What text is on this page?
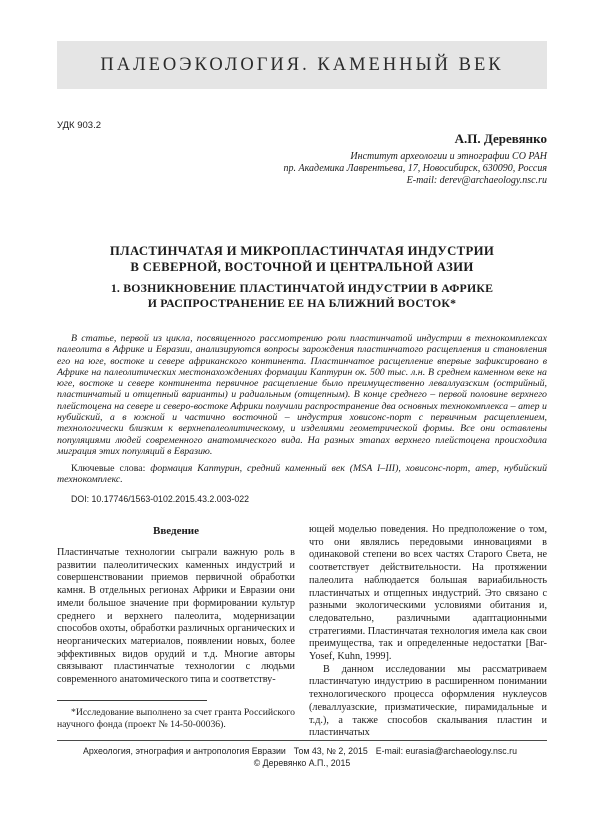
ПАЛЕОЭКОЛОГИЯ. КАМЕННЫЙ ВЕК
УДК 903.2
А.П. Деревянко
Институт археологии и этнографии СО РАН
пр. Академика Лаврентьева, 17, Новосибирск, 630090, Россия
E-mail: derev@archaeology.nsc.ru
ПЛАСТИНЧАТАЯ И МИКРОПЛАСТИНЧАТАЯ ИНДУСТРИИ
В СЕВЕРНОЙ, ВОСТОЧНОЙ И ЦЕНТРАЛЬНОЙ АЗИИ
1. ВОЗНИКНОВЕНИЕ ПЛАСТИНЧАТОЙ ИНДУСТРИИ В АФРИКЕ
И РАСПРОСТРАНЕНИЕ ЕЕ НА БЛИЖНИЙ ВОСТОК*
В статье, первой из цикла, посвященного рассмотрению роли пластинчатой индустрии в технокомплексах палеолита в Африке и Евразии, анализируются вопросы зарождения пластинчатого расщепления и становления его на юге, востоке и севере африканского континента. Пластинчатое расщепление впервые зафиксировано в Африке на палеолитических местонахождениях формации Каптурин ок. 500 тыс. л.н. В среднем каменном веке на юге, востоке и севере континента первичное расщепление было преимущественно леваллуазским (острийный, пластинчатый и отщепный варианты) и радиальным (отщепным). В конце среднего – первой половине верхнего плейстоцена на севере и северо-востоке Африки получили распространение два основных технокомплекса – атер и нубийский, а в южной и частично восточной – индустрия ховисонс-порт с первичным расщеплением, технологически близким к верхнепалеолитическому, и изделиями геометрической формы. Все они оставлены популяциями людей современного анатомического вида. На разных этапах верхнего плейстоцена происходила миграция этих популяций в Евразию.
Ключевые слова: формация Каптурин, средний каменный век (MSA I–III), ховисонс-порт, атер, нубийский технокомплекс.
DOI: 10.17746/1563-0102.2015.43.2.003-022
Введение

Пластинчатые технологии сыграли важную роль в развитии палеолитических каменных индустрий и совершенствовании приемов первичной обработки камня. В отдельных регионах Африки и Евразии они имели большое значение при формировании культур среднего и верхнего палеолита, модернизации способов охоты, обработки различных органических и неорганических материалов, появлении новых, более эффективных видов орудий и т.д. Многие авторы связывают пластинчатые технологии с людьми современного анатомического типа и соответству-

*Исследование выполнено за счет гранта Российского научного фонда (проект № 14-50-00036).

ющей моделью поведения. Но предположение о том, что они являлись передовыми инновациями в одинаковой степени во всех частях Старого Света, не соответствует действительности. На протяжении палеолита наблюдается большая вариабильность пластинчатых и отщепных индустрий. Это связано с разными экологическими условиями обитания и, следовательно, различными адаптационными стратегиями. Пластинчатая технология имела как свои преимущества, так и определенные недостатки [Bar-Yosef, Kuhn, 1999].

В данном исследовании мы рассматриваем пластинчатую индустрию в расширенном понимании технологического процесса оформления нуклеусов (леваллуазские, призматические, пирамидальные и т.д.), а также способов скалывания пластин и пластинчатых

Археология, этнография и антропология Евразии Том 43, № 2, 2015 E-mail: eurasia@archaeology.nsc.ru
© Деревянко А.П., 2015
